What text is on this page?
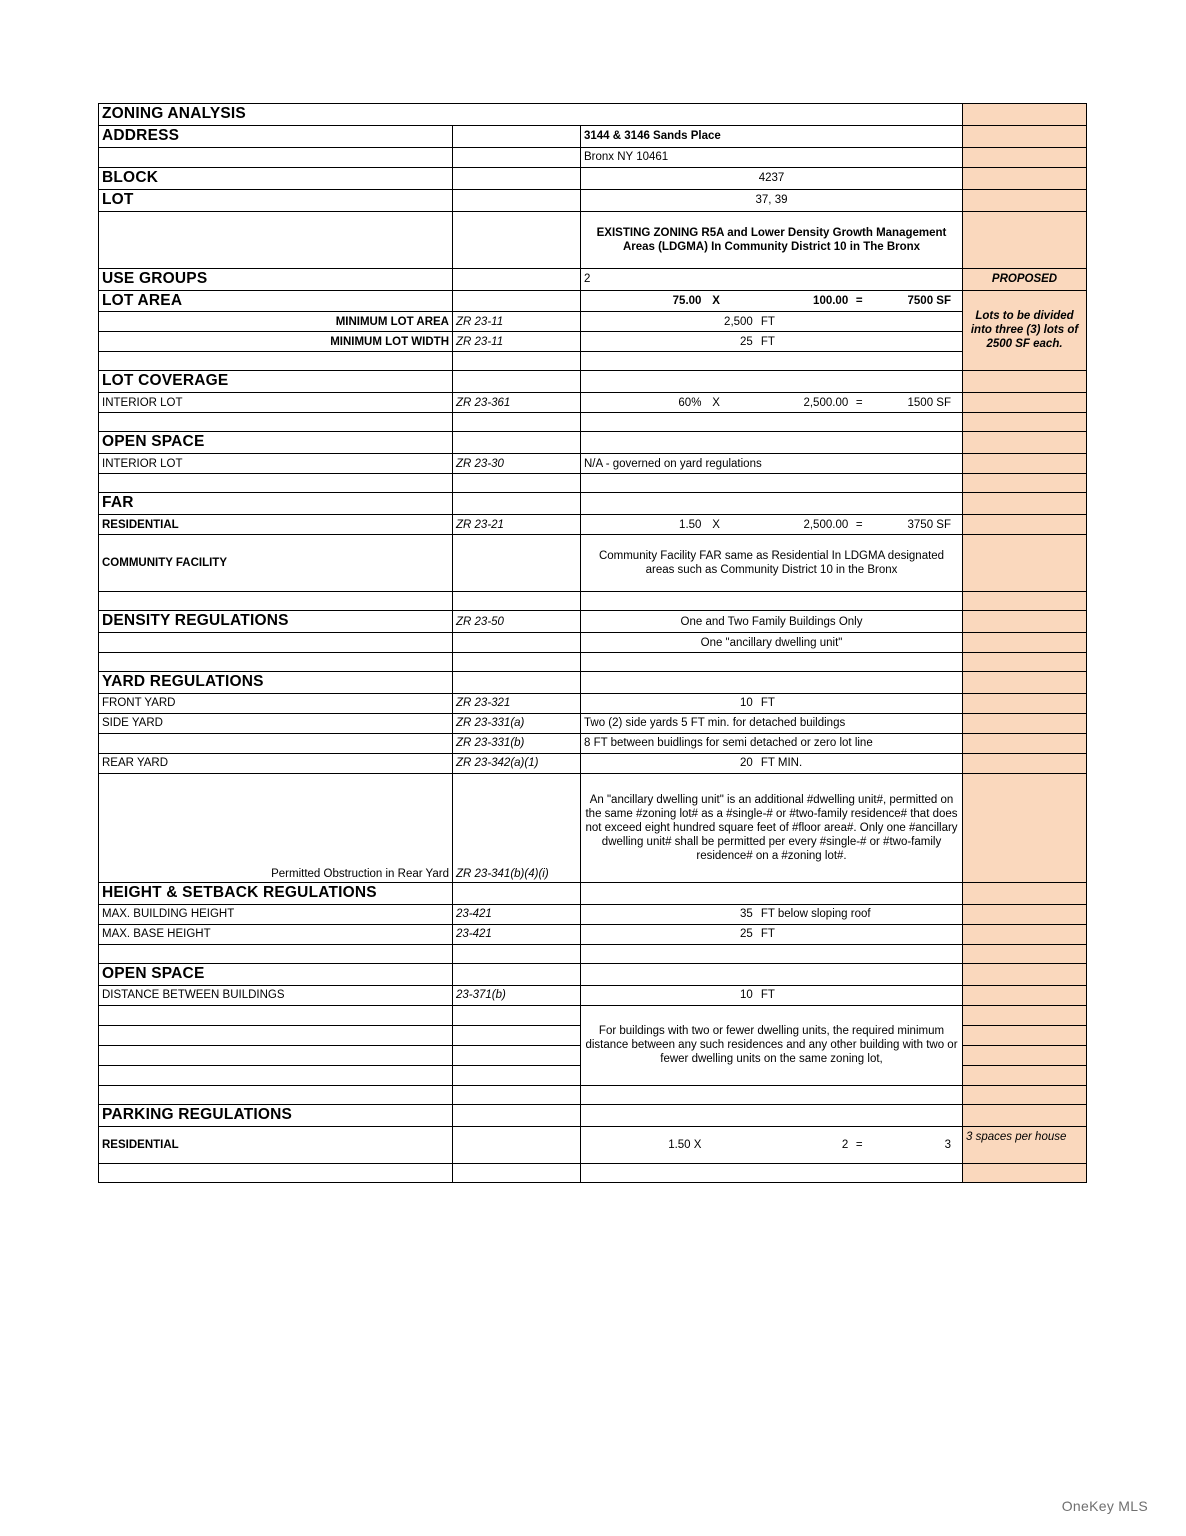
ZONING ANALYSIS			
ADDRESS		3144 & 3146 Sands Place	
		Bronx NY 10461	
BLOCK		4237	
LOT		37, 39	
		EXISTING ZONING R5A and Lower Density Growth Management Areas (LDGMA) In Community District 10 in The Bronx	
USE GROUPS		2	PROPOSED
LOT AREA		75.00 X 100.00 = 7500 SF	Lots to be divided into three (3) lots of 2500 SF each.
MINIMUM LOT AREA	ZR 23-11	2,500 FT	

MINIMUM LOT WIDTH	ZR 23-11	25 FT	

LOT COVERAGE			
INTERIOR LOT	ZR 23-361	60% X 2,500.00 = 1500 SF	

OPEN SPACE			
INTERIOR LOT	ZR 23-30	N/A - governed on yard regulations	

FAR			
RESIDENTIAL	ZR 23-21	1.50 X 2,500.00 = 3750 SF	

COMMUNITY FACILITY		Community Facility FAR same as Residential In LDGMA designated areas such as Community District 10 in the Bronx	

DENSITY REGULATIONS	ZR 23-50	One and Two Family Buildings Only	
		One "ancillary dwelling unit"	

YARD REGULATIONS			
FRONT YARD	ZR 23-321	10 FT	

SIDE YARD	ZR 23-331(a)	Two (2) side yards 5 FT min. for detached buildings	
	ZR 23-331(b)	8 FT between buidlings for semi detached or zero lot line	
REAR YARD	ZR 23-342(a)(1)	20 FT MIN.	

Permitted Obstruction in Rear Yard	ZR 23-341(b)(4)(i)	An "ancillary dwelling unit" is an additional #dwelling unit#, permitted on the same #zoning lot# as a #single-# or #two-family residence# that does not exceed eight hundred square feet of #floor area#. Only one #ancillary dwelling unit# shall be permitted per every #single-# or #two-family residence# on a #zoning lot#.	
HEIGHT & SETBACK REGULATIONS			
MAX. BUILDING HEIGHT	23-421	35 FT below sloping roof	

MAX. BASE HEIGHT	23-421	25 FT	

OPEN SPACE			
DISTANCE BETWEEN BUILDINGS	23-371(b)	10 FT	

		For buildings with two or fewer dwelling units, the required minimum distance between any such residences and any other building with two or fewer dwelling units on the same zoning lot,	

PARKING REGULATIONS			
RESIDENTIAL		1.50 X 2 = 3	3 spaces per house

OneKey MLS
